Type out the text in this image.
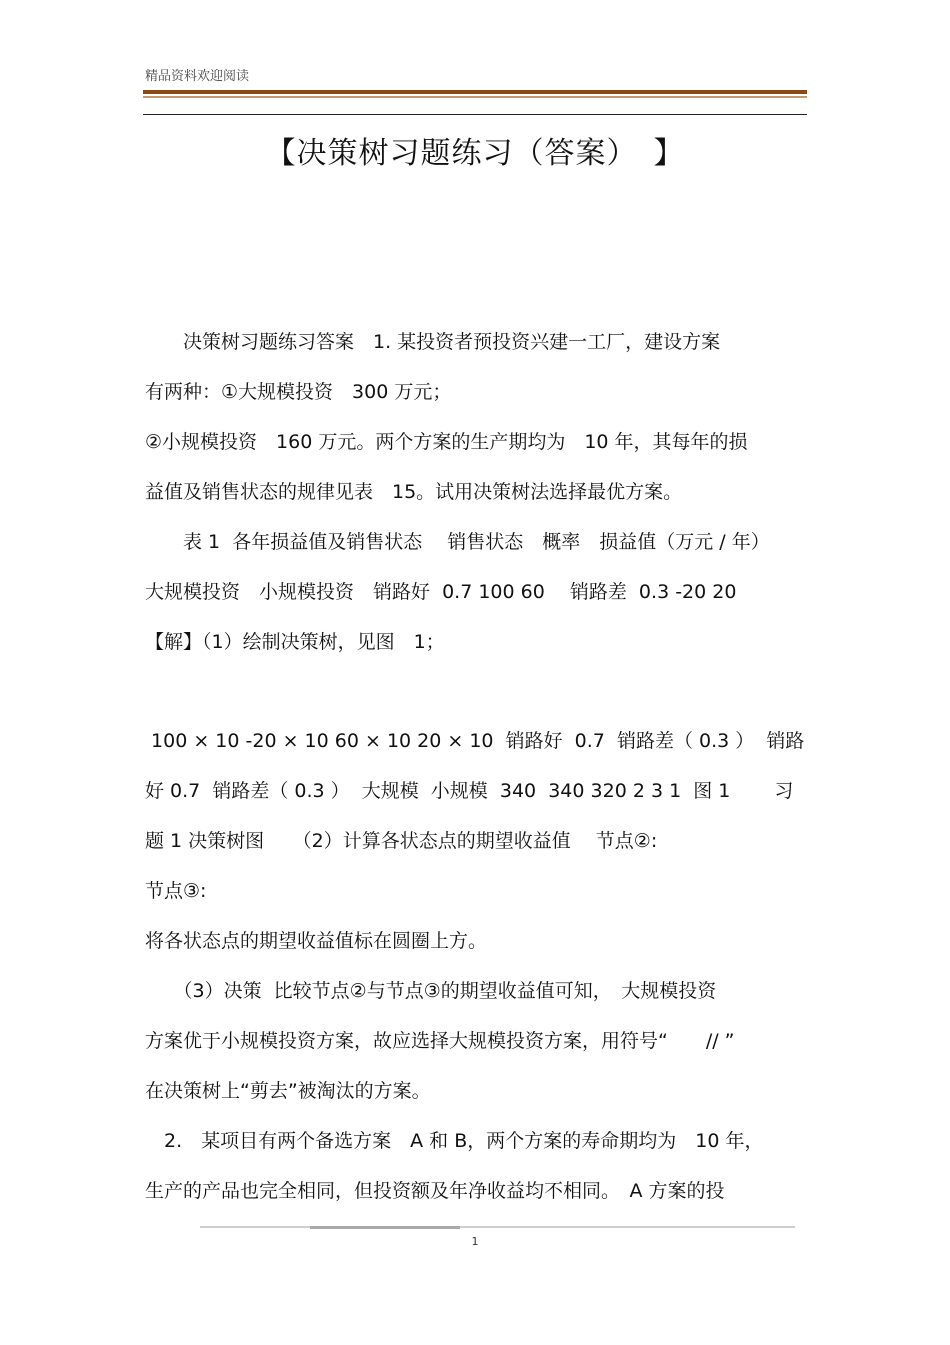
精品资料欢迎阅读
【决策树习题练习（答案）　】
　　决策树习题练习答案　1. 某投资者预投资兴建一工厂，建设方案
有两种：①大规模投资　300 万元；
②小规模投资　160 万元。两个方案的生产期均为　10 年，其每年的损
益值及销售状态的规律见表　15。试用决策树法选择最优方案。
　　表 1  各年损益值及销售状态　 销售状态　概率　损益值（万元 / 年）
大规模投资　小规模投资　销路好  0.7 100 60　 销路差  0.3 -20 20
【解】（1）绘制决策树，见图　1；
100 × 10 -20 × 10 60 × 10 20 × 10  销路好  0.7  销路差（ 0.3 ）  销路
好 0.7  销路差（ 0.3 ）  大规模  小规模  340  340 320 2 3 1  图 1 　　习
题 1 决策树图　　（2）计算各状态点的期望收益值　 节点②:
节点③:
将各状态点的期望收益值标在圆圈上方。
　　（3）决策  比较节点②与节点③的期望收益值可知，　大规模投资
方案优于小规模投资方案，故应选择大规模投资方案，用符号“　　// ”
在决策树上“剪去”被淘汰的方案。
　2.　某项目有两个备选方案　A 和 B，两个方案的寿命期均为　10 年，
生产的产品也完全相同，但投资额及年净收益均不相同。　A 方案的投
1
